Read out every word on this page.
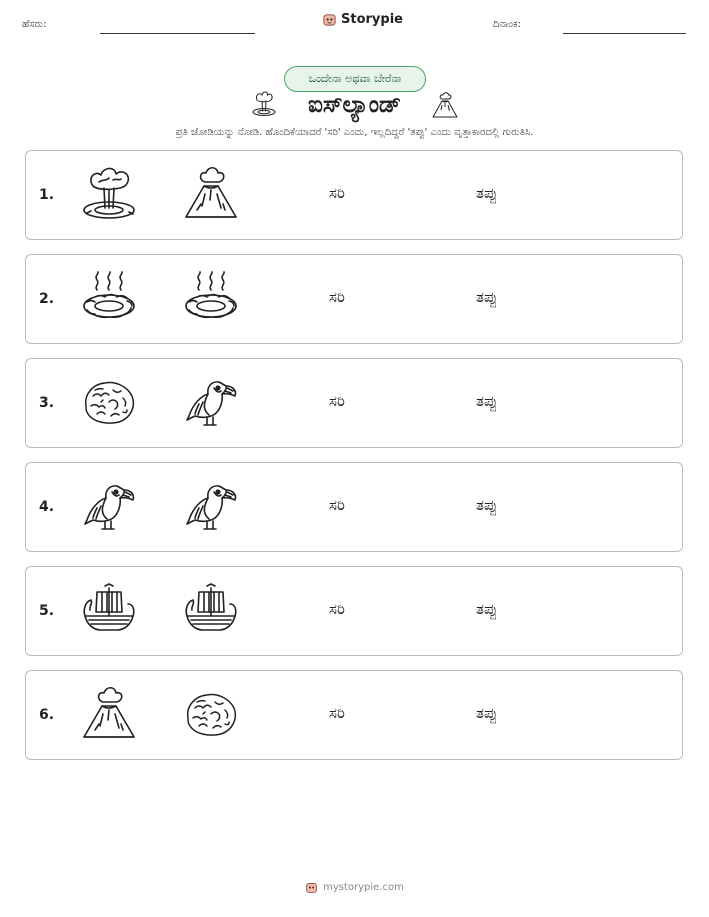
ಹೆಸರು:	Storypie	ದಿನಾಂಕ:
ಒಂದೇನಾ ಅಥವಾ ಬೇರೆನಾ
ಐಸ್‌ಲ್ಯಾಂಡ್
ಪ್ರತಿ ಜೋಡಿಯನ್ನು ನೋಡಿ. ಹೊಂದಿಕೆಯಾದರೆ 'ಸರಿ' ಎಂದು, ಇಲ್ಲದಿದ್ದರೆ 'ತಪ್ಪು' ಎಂದು ವೃತ್ತಾಕಾರದಲ್ಲಿ ಗುರುತಿಸಿ.
1.	ಸರಿ	ತಪ್ಪು
2.	ಸರಿ	ತಪ್ಪು
3.	ಸರಿ	ತಪ್ಪು
4.	ಸರಿ	ತಪ್ಪು
5.	ಸರಿ	ತಪ್ಪು
6.	ಸರಿ	ತಪ್ಪು
mystorypie.com
